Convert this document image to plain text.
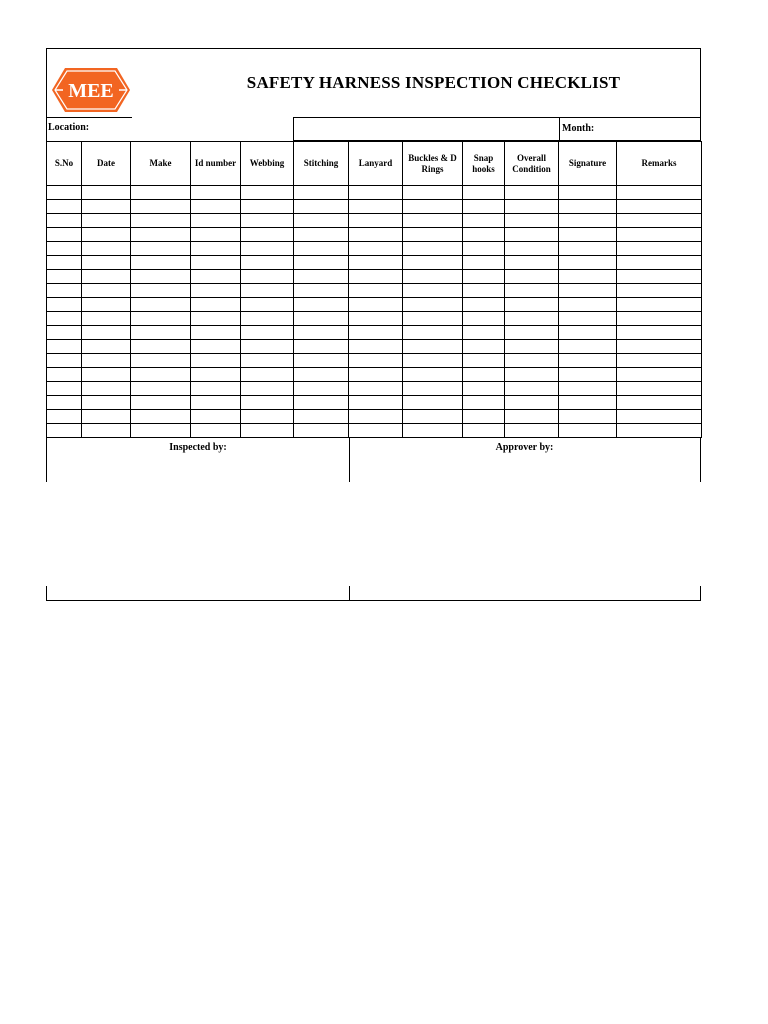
MEE	SAFETY HARNESS INSPECTION CHECKLIST
Location:	Month:
S.No	Date	Make	Id number	Webbing	Stitching	Lanyard	Buckles & D Rings	Snap hooks	Overall Condition	Signature	Remarks

Inspected by:	Approver by:
